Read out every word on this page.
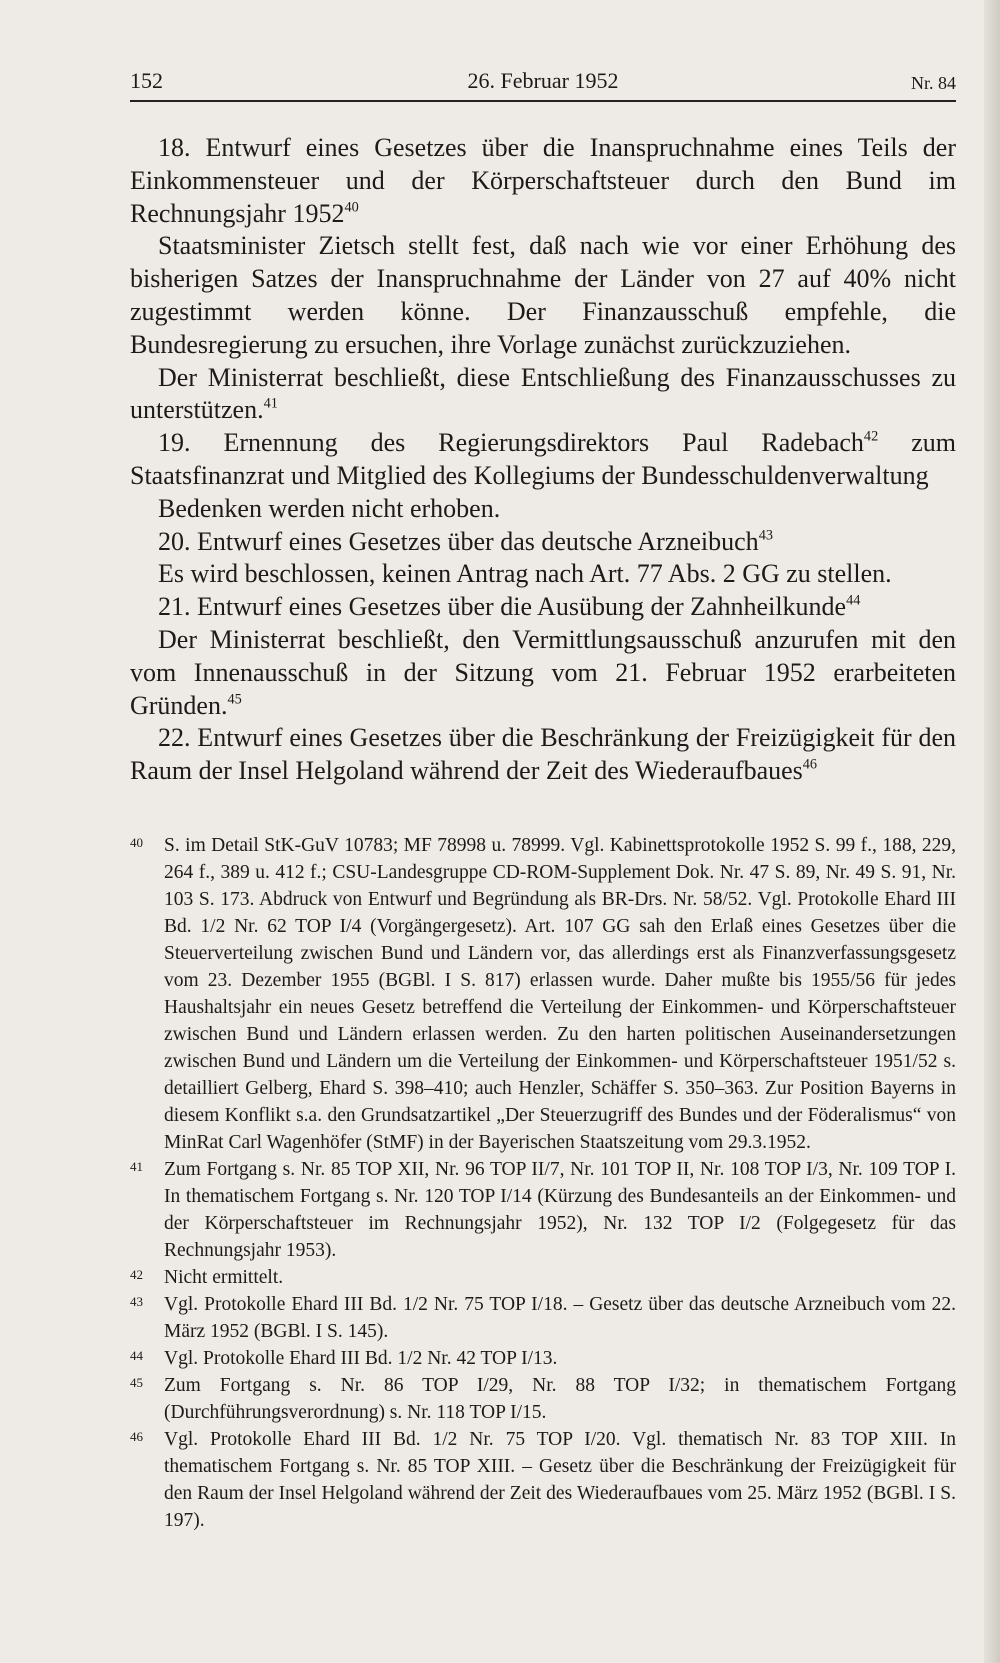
152	26. Februar 1952	Nr. 84

18. Entwurf eines Gesetzes über die Inanspruchnahme eines Teils der Einkommensteuer und der Körperschaftsteuer durch den Bund im Rechnungsjahr 1952$^{40}$

Staatsminister Zietsch stellt fest, daß nach wie vor einer Erhöhung des bisherigen Satzes der Inanspruchnahme der Länder von 27 auf 40% nicht zugestimmt werden könne. Der Finanzausschuß empfehle, die Bundesregierung zu ersuchen, ihre Vorlage zunächst zurückzuziehen.

Der Ministerrat beschließt, diese Entschließung des Finanzausschusses zu unterstützen.$^{41}$

19. Ernennung des Regierungsdirektors Paul Radebach$^{42}$ zum Staatsfinanzrat und Mitglied des Kollegiums der Bundesschuldenverwaltung

Bedenken werden nicht erhoben.

20. Entwurf eines Gesetzes über das deutsche Arzneibuch$^{43}$

Es wird beschlossen, keinen Antrag nach Art. 77 Abs. 2 GG zu stellen.

21. Entwurf eines Gesetzes über die Ausübung der Zahnheilkunde$^{44}$

Der Ministerrat beschließt, den Vermittlungsausschuß anzurufen mit den vom Innenausschuß in der Sitzung vom 21. Februar 1952 erarbeiteten Gründen.$^{45}$

22. Entwurf eines Gesetzes über die Beschränkung der Freizügigkeit für den Raum der Insel Helgoland während der Zeit des Wiederaufbaues$^{46}$

40 S. im Detail StK-GuV 10783; MF 78998 u. 78999. Vgl. Kabinettsprotokolle 1952 S. 99 f., 188, 229, 264 f., 389 u. 412 f.; CSU-Landesgruppe CD-ROM-Supplement Dok. Nr. 47 S. 89, Nr. 49 S. 91, Nr. 103 S. 173. Abdruck von Entwurf und Begründung als BR-Drs. Nr. 58/52. Vgl. Protokolle Ehard III Bd. 1/2 Nr. 62 TOP I/4 (Vorgängergesetz). Art. 107 GG sah den Erlaß eines Gesetzes über die Steuerverteilung zwischen Bund und Ländern vor, das allerdings erst als Finanzverfassungsgesetz vom 23. Dezember 1955 (BGBl. I S. 817) erlassen wurde. Daher mußte bis 1955/56 für jedes Haushaltsjahr ein neues Gesetz betreffend die Verteilung der Einkommen- und Körperschaftsteuer zwischen Bund und Ländern erlassen werden. Zu den harten politischen Auseinandersetzungen zwischen Bund und Ländern um die Verteilung der Einkommen- und Körperschaftsteuer 1951/52 s. detailliert Gelberg, Ehard S. 398–410; auch Henzler, Schäffer S. 350–363. Zur Position Bayerns in diesem Konflikt s.a. den Grundsatzartikel „Der Steuerzugriff des Bundes und der Föderalismus“ von MinRat Carl Wagenhöfer (StMF) in der Bayerischen Staatszeitung vom 29.3.1952.

41 Zum Fortgang s. Nr. 85 TOP XII, Nr. 96 TOP II/7, Nr. 101 TOP II, Nr. 108 TOP I/3, Nr. 109 TOP I. In thematischem Fortgang s. Nr. 120 TOP I/14 (Kürzung des Bundesanteils an der Einkommen- und der Körperschaftsteuer im Rechnungsjahr 1952), Nr. 132 TOP I/2 (Folgegesetz für das Rechnungsjahr 1953).

42 Nicht ermittelt.

43 Vgl. Protokolle Ehard III Bd. 1/2 Nr. 75 TOP I/18. – Gesetz über das deutsche Arzneibuch vom 22. März 1952 (BGBl. I S. 145).

44 Vgl. Protokolle Ehard III Bd. 1/2 Nr. 42 TOP I/13.

45 Zum Fortgang s. Nr. 86 TOP I/29, Nr. 88 TOP I/32; in thematischem Fortgang (Durchführungsverordnung) s. Nr. 118 TOP I/15.

46 Vgl. Protokolle Ehard III Bd. 1/2 Nr. 75 TOP I/20. Vgl. thematisch Nr. 83 TOP XIII. In thematischem Fortgang s. Nr. 85 TOP XIII. – Gesetz über die Beschränkung der Freizügigkeit für den Raum der Insel Helgoland während der Zeit des Wiederaufbaues vom 25. März 1952 (BGBl. I S. 197).
